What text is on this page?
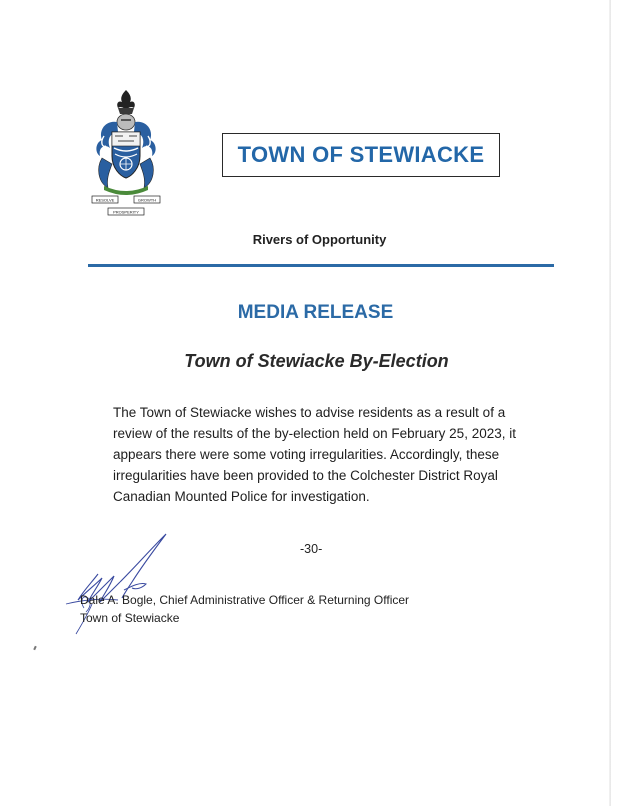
RESOLVE	GROWTH
PROSPERITY
TOWN OF STEWIACKE
Rivers of Opportunity
MEDIA RELEASE
Town of Stewiacke By-Election
The Town of Stewiacke wishes to advise residents as a result of a review of the results of the by-election held on February 25, 2023, it appears there were some voting irregularities. Accordingly, these irregularities have been provided to the Colchester District Royal Canadian Mounted Police for investigation.
-30-
Dale A. Bogle, Chief Administrative Officer & Returning Officer
Town of Stewiacke
